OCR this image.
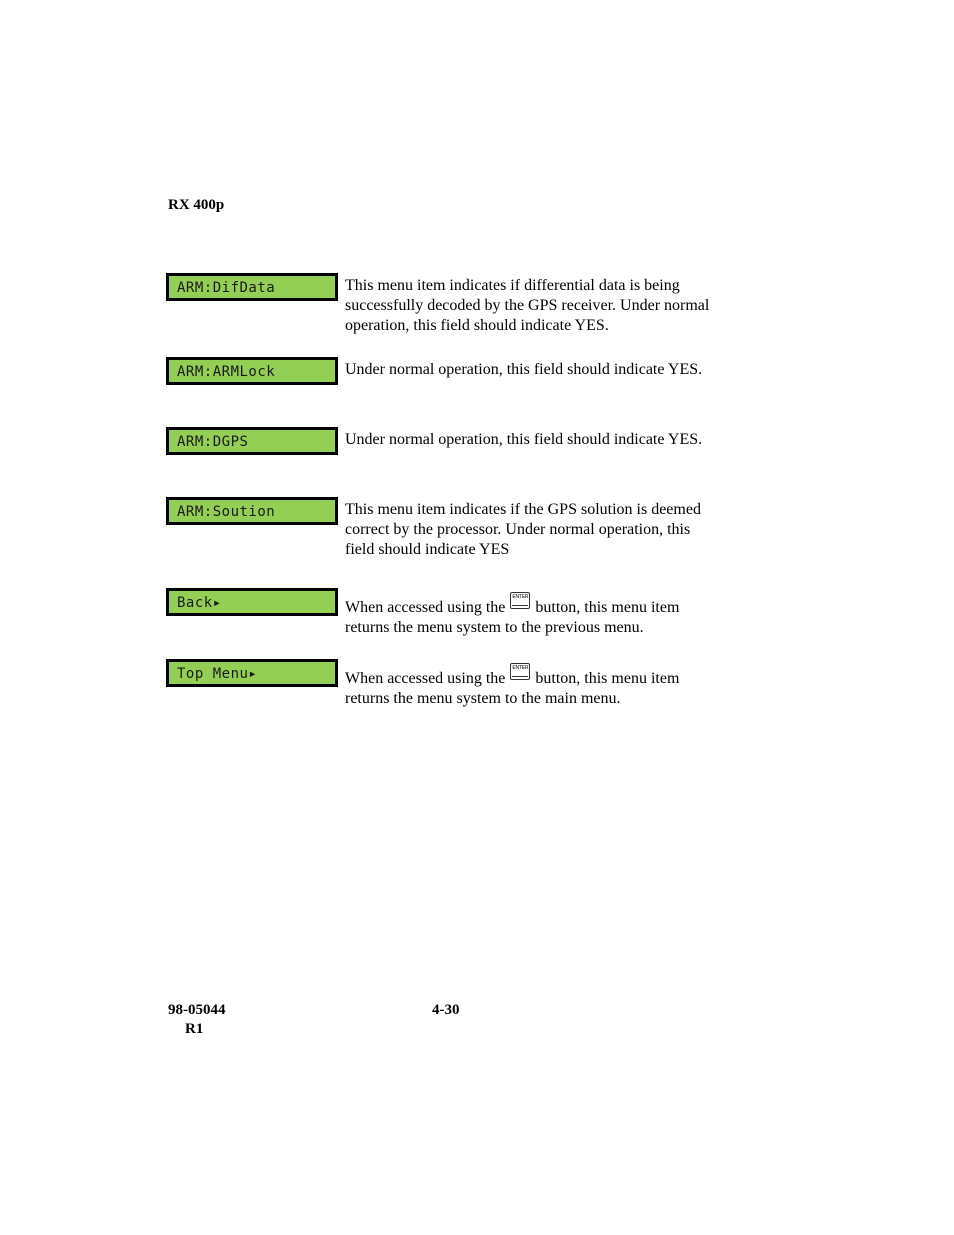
RX 400p
ARM:DifData	This menu item indicates if differential data is being successfully decoded by the GPS receiver. Under normal operation, this field should indicate YES.
ARM:ARMLock	Under normal operation, this field should indicate YES.
ARM:DGPS	Under normal operation, this field should indicate YES.
ARM:Soution	This menu item indicates if the GPS solution is deemed correct by the processor. Under normal operation, this field should indicate YES
Back▸	When accessed using the
ENTER
button, this menu item returns the menu system to the previous menu.
Top Menu▸	When accessed using the
ENTER
button, this menu item returns the menu system to the main menu.
98-05044
R1
4-30
